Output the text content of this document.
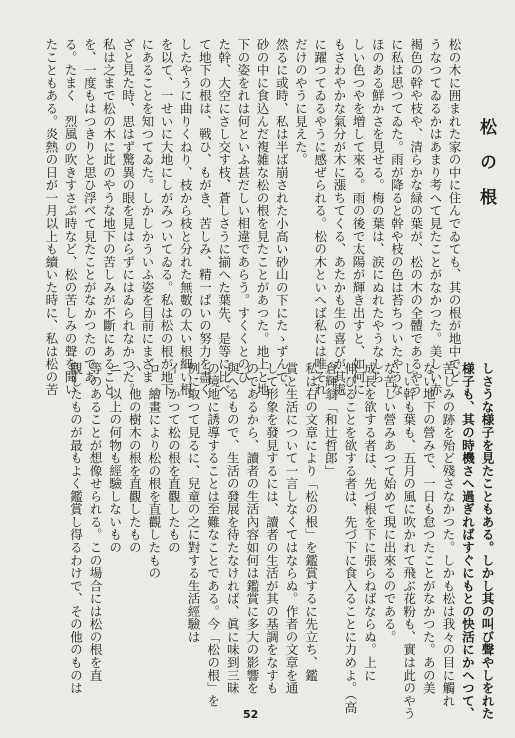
松の根
松の木に囲まれた家の中に住んでゐても、其の根が地中でど
うなつてゐるかはあまり考へて見たことがなかつた。美しい赤
褐色の幹や枝や、清らかな緑の葉が、松の木の全體であるやう
に私は思つてゐた。雨が降ると幹や枝の色は苔ちついたやうな
ほのある鮮かさを見せる。梅の葉は、涙にぬれたやうなしら
しい色つやを増して來る。雨の後で太陽が輝き出すと、如何に
もさわやかな氣分が木に漲ちてくる、あたかも生の喜びが其處
に躍つてゐるやうに感ぜられる。松の木といへば私には唯それ
だけのやうに見えた。
然るに或時、私は半ば崩された小高い砂山の下にたゝずんで、
砂の中に食込んだ複雑な松の根を見たことがあつた。地上と地
下の姿をれは何といふ甚だしい相違であらう。すくくとのび
た幹、大空にさし交す枝、蒼しさうに揃へた葉先、是等に比べ
て地下の根は、戦ひ、もがき、苦しみ、精一ぱいの努力を盡く
したやうに曲りくねり、枝から枝と分れた無數の太い根細い根
を以て、一せいに大地にしがみついてゐる。私は松の根が地下
にあることを知つてゐた。しかしかういふ姿を目前にまざま
ざと見た時、思はず驚異の眼を見はらずにはゐられなかつた。
私は之まで松の木に此のやうな地下の苦しみが不斷にあること
を、一度もはつきりと思ひ浮べて見たことがなかつたのであ
る。たまく　烈風の吹きすさぶ時など、松の苦しみの聲を聞い
たこともある。炎熱の日が一月以上も續いた時に、私は松の苦
しさうな様子を見たこともある。しかし其の叫び聲やしをれた
様子も、其の時機さへ過ぎればすぐにもとの快活にかへつて、
苦しみの跡を殆ど殘さなかつた。しかも松は我々の目に觸れ
ない地下の營みで、一日も怠つたことがなかつた。あの美
しい幹も葉も、五月の風に吹かれて飛ぶ花粉も、實は此のやう
な苦しい營みあつて始めて現に出來るのである。
成長を欲する者は、先づ根を下に張らねばならぬ。上に
伸びることを欲する者は、先づ下に食入ることに力めよ。（高
倉輝翁「和辻哲郎」
私は右の文章により「松の根」を鑑賞するに先立ち、鑑
賞と生活について一言しなくてはならぬ。作者の文章を通
して形象を發見するには、讀者の生活が其の基調をなすも
のであるから、讀者の生活內容如何は鑑賞に多大の影響を
與へるもので、生活の發展を待たなければ、眞に味到三昧
の境地に誘導することは至難なことである。今「松の根」を
例に取つて見るに、兒童の之に對する生活經驗は
イ　かつて松の根を直觀したもの
ロ　繪畫により松の根を直觀したもの
ハ　他の樹木の根を直觀したもの
ニ　以上の何物も經驗しないもの
等のあることが想像せられる。この場合には松の根を直
觀したものが最もよく鑑賞し得るわけで、その他のものは
52
